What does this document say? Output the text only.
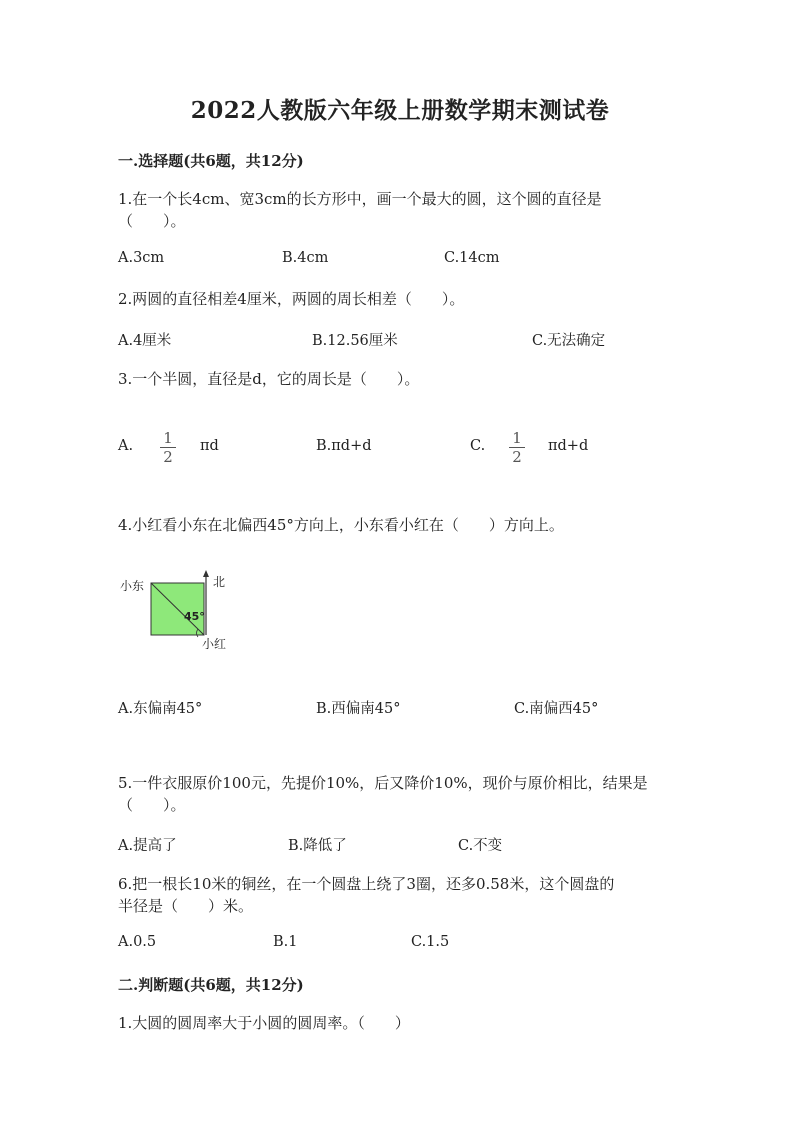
2022人教版六年级上册数学期末测试卷
一.选择题(共6题，共12分)
1.在一个长4cm、宽3cm的长方形中，画一个最大的圆，这个圆的直径是
（　　）。
A.3cm	B.4cm	C.14cm
2.两圆的直径相差4厘米，两圆的周长相差（　　）。
A.4厘米	B.12.56厘米	C.无法确定
3.一个半圆，直径是d，它的周长是（　　）。
A. 1
2
πd	B.πd+d	C. 1
2
πd+d
4.小红看小东在北偏西45°方向上，小东看小红在（　　）方向上。
小东	北
45°
小红
A.东偏南45°	B.西偏南45°	C.南偏西45°
5.一件衣服原价100元，先提价10%，后又降价10%，现价与原价相比，结果是
（　　）。
A.提高了	B.降低了	C.不变
6.把一根长10米的铜丝，在一个圆盘上绕了3圈，还多0.58米，这个圆盘的
半径是（　　）米。
A.0.5	B.1	C.1.5
二.判断题(共6题，共12分)
1.大圆的圆周率大于小圆的圆周率。（　　）
